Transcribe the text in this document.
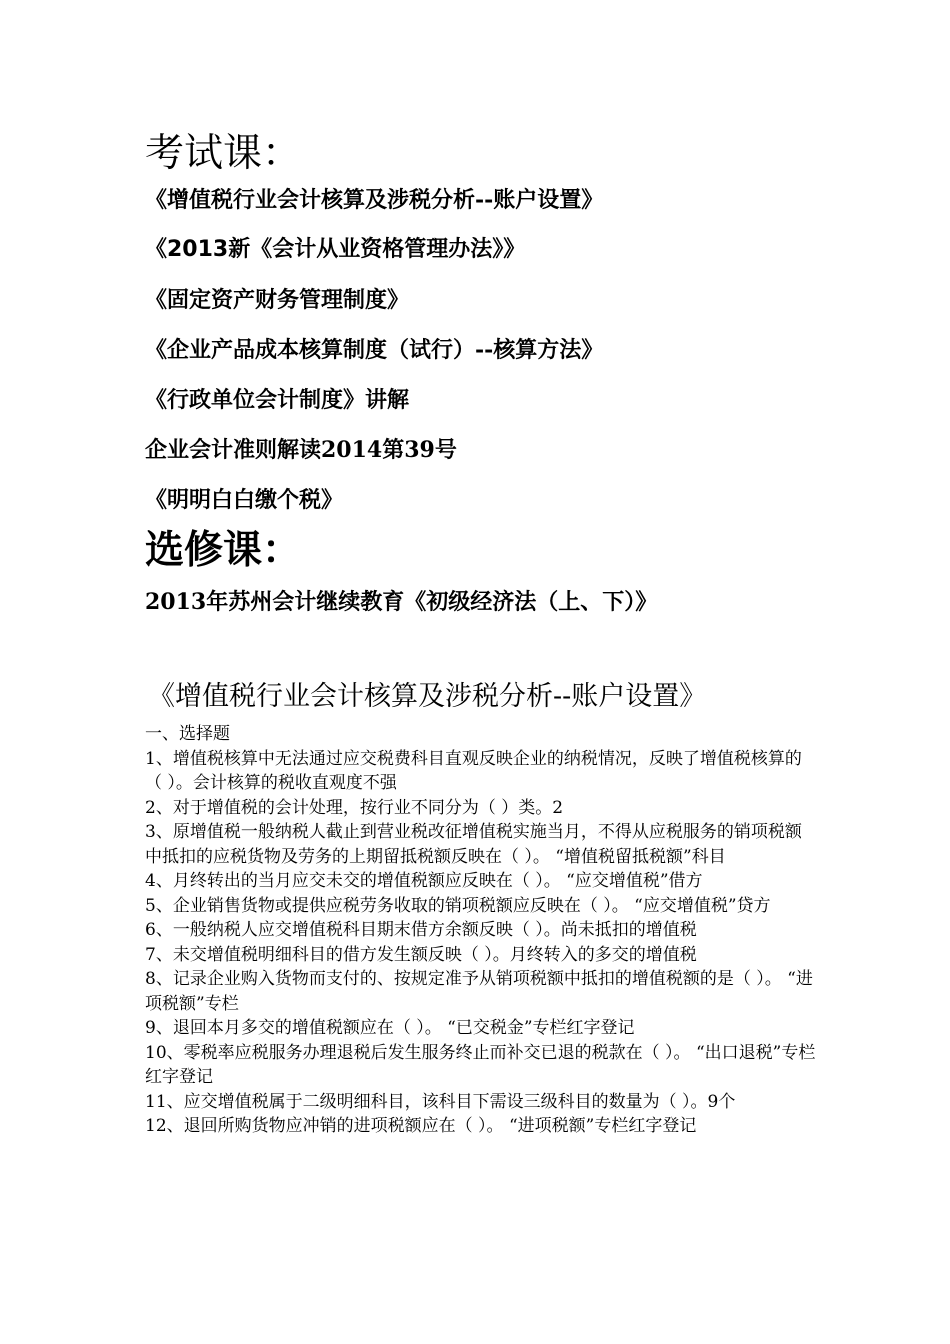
考试课：

《增值税行业会计核算及涉税分析--账户设置》

《2013新《会计从业资格管理办法》》

《固定资产财务管理制度》

《企业产品成本核算制度（试行）--核算方法》

《行政单位会计制度》讲解

企业会计准则解读2014第39号

《明明白白缴个税》

选修课：

2013年苏州会计继续教育《初级经济法（上、下）》

《增值税行业会计核算及涉税分析--账户设置》

一、选择题

1、增值税核算中无法通过应交税费科目直观反映企业的纳税情况，反映了增值税核算的（ ）。会计核算的税收直观度不强

2、对于增值税的会计处理，按行业不同分为（ ）类。2

3、原增值税一般纳税人截止到营业税改征增值税实施当月，不得从应税服务的销项税额中抵扣的应税货物及劳务的上期留抵税额反映在（ ）。 “增值税留抵税额”科目

4、月终转出的当月应交未交的增值税额应反映在（ ）。 “应交增值税”借方

5、企业销售货物或提供应税劳务收取的销项税额应反映在（ ）。 “应交增值税”贷方

6、一般纳税人应交增值税科目期末借方余额反映（ ）。尚未抵扣的增值税

7、未交增值税明细科目的借方发生额反映（ ）。月终转入的多交的增值税

8、记录企业购入货物而支付的、按规定准予从销项税额中抵扣的增值税额的是（ ）。 “进项税额”专栏

9、退回本月多交的增值税额应在（ ）。 “已交税金”专栏红字登记

10、零税率应税服务办理退税后发生服务终止而补交已退的税款在（ ）。 “出口退税”专栏红字登记

11、应交增值税属于二级明细科目，该科目下需设三级科目的数量为（ ）。9个

12、退回所购货物应冲销的进项税额应在（ ）。 “进项税额”专栏红字登记
